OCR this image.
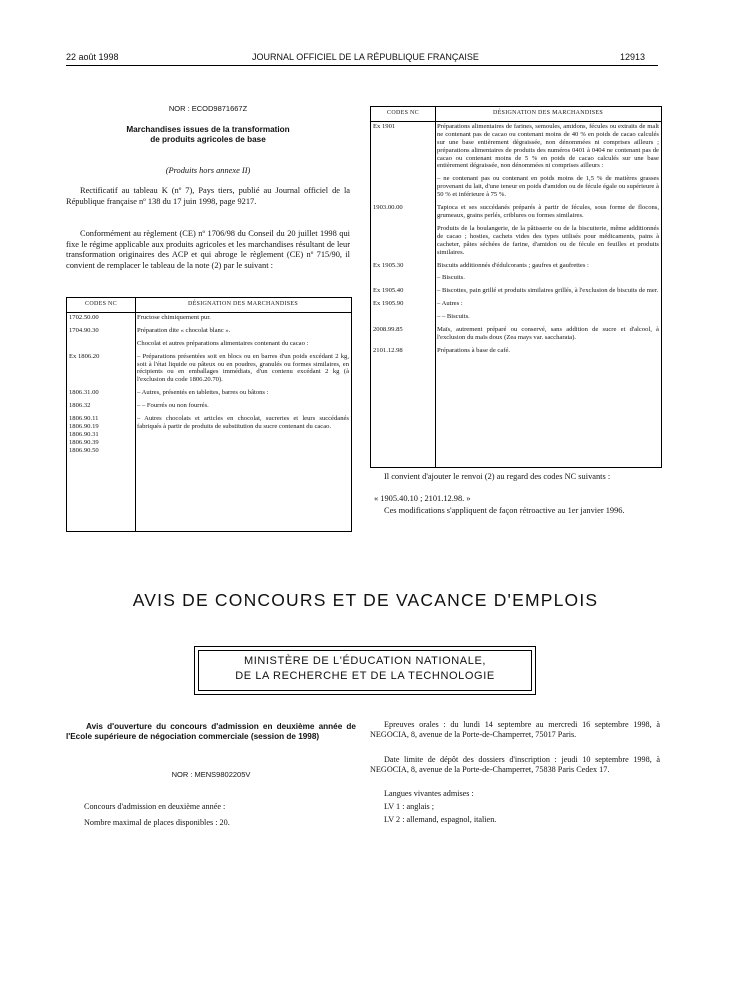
22 août 1998	JOURNAL OFFICIEL DE LA RÉPUBLIQUE FRANÇAISE	12913
NOR : ECOD9871667Z
Marchandises issues de la transformation
de produits agricoles de base
(Produits hors annexe II)
Rectificatif au tableau K (nº 7), Pays tiers, publié au Journal officiel de la République française nº 138 du 17 juin 1998, page 9217.
Conformément au règlement (CE) nº 1706/98 du Conseil du 20 juillet 1998 qui fixe le régime applicable aux produits agricoles et les marchandises résultant de leur transformation originaires des ACP et qui abroge le règlement (CE) nº 715/90, il convient de remplacer le tableau de la note (2) par le suivant :
CODES NC	DÉSIGNATION DES MARCHANDISES
1702.50.00	Fructose chimiquement pur.
1704.90.30	Préparation dite « chocolat blanc ».
	Chocolat et autres préparations alimentaires contenant du cacao :
Ex 1806.20	– Préparations présentées soit en blocs ou en barres d'un poids excédant 2 kg, soit à l'état liquide ou pâteux ou en poudres, granulés ou formes similaires, en récipients ou en emballages immédiats, d'un contenu excédant 2 kg (à l'exclusion du code 1806.20.70).
1806.31.00	– Autres, présentés en tablettes, barres ou bâtons :
1806.32	– – Fourrés ou non fourrés.
1806.90.11
1806.90.19
1806.90.31
1806.90.39
1806.90.50	– Autres chocolats et articles en chocolat, sucreries et leurs succédanés fabriqués à partir de produits de substitution du sucre contenant du cacao.
CODES NC	DÉSIGNATION DES MARCHANDISES
Ex 1901	Préparations alimentaires de farines, semoules, amidons, fécules ou extraits de malt ne contenant pas de cacao ou contenant moins de 40 % en poids de cacao calculés sur une base entièrement dégraissée, non dénommées ni comprises ailleurs ; préparations alimentaires de produits des numéros 0401 à 0404 ne contenant pas de cacao ou contenant moins de 5 % en poids de cacao calculés sur une base entièrement dégraissée, non dénommées ni comprises ailleurs :
	– ne contenant pas ou contenant en poids moins de 1,5 % de matières grasses provenant du lait, d'une teneur en poids d'amidon ou de fécule égale ou supérieure à 50 % et inférieure à 75 %.
1903.00.00	Tapioca et ses succédanés préparés à partir de fécules, sous forme de flocons, grumeaux, grains perlés, criblures ou formes similaires.
	Produits de la boulangerie, de la pâtisserie ou de la biscuiterie, même additionnés de cacao ; hosties, cachets vides des types utilisés pour médicaments, pains à cacheter, pâtes séchées de farine, d'amidon ou de fécule en feuilles et produits similaires.
Ex 1905.30	Biscuits additionnés d'édulcorants ; gaufres et gaufrettes :
	– Biscuits.
Ex 1905.40	– Biscottes, pain grillé et produits similaires grillés, à l'exclusion de biscuits de mer.
Ex 1905.90	– Autres :
	– – Biscuits.
2008.99.85	Maïs, autrement préparé ou conservé, sans addition de sucre et d'alcool, à l'exclusion du maïs doux (Zea mays var. saccharata).
2101.12.98	Préparations à base de café.
Il convient d'ajouter le renvoi (2) au regard des codes NC suivants :
« 1905.40.10 ; 2101.12.98. »
Ces modifications s'appliquent de façon rétroactive au 1er janvier 1996.
AVIS DE CONCOURS ET DE VACANCE D'EMPLOIS
MINISTÈRE DE L'ÉDUCATION NATIONALE,
DE LA RECHERCHE ET DE LA TECHNOLOGIE
Avis d'ouverture du concours d'admission en deuxième année de l'Ecole supérieure de négociation commerciale (session de 1998)
NOR : MENS9802205V
Concours d'admission en deuxième année :
Nombre maximal de places disponibles : 20.
Epreuves orales : du lundi 14 septembre au mercredi 16 septembre 1998, à NEGOCIA, 8, avenue de la Porte-de-Champerret, 75017 Paris.
Date limite de dépôt des dossiers d'inscription : jeudi 10 septembre 1998, à NEGOCIA, 8, avenue de la Porte-de-Champerret, 75838 Paris Cedex 17.
Langues vivantes admises :
LV 1 : anglais ;
LV 2 : allemand, espagnol, italien.
